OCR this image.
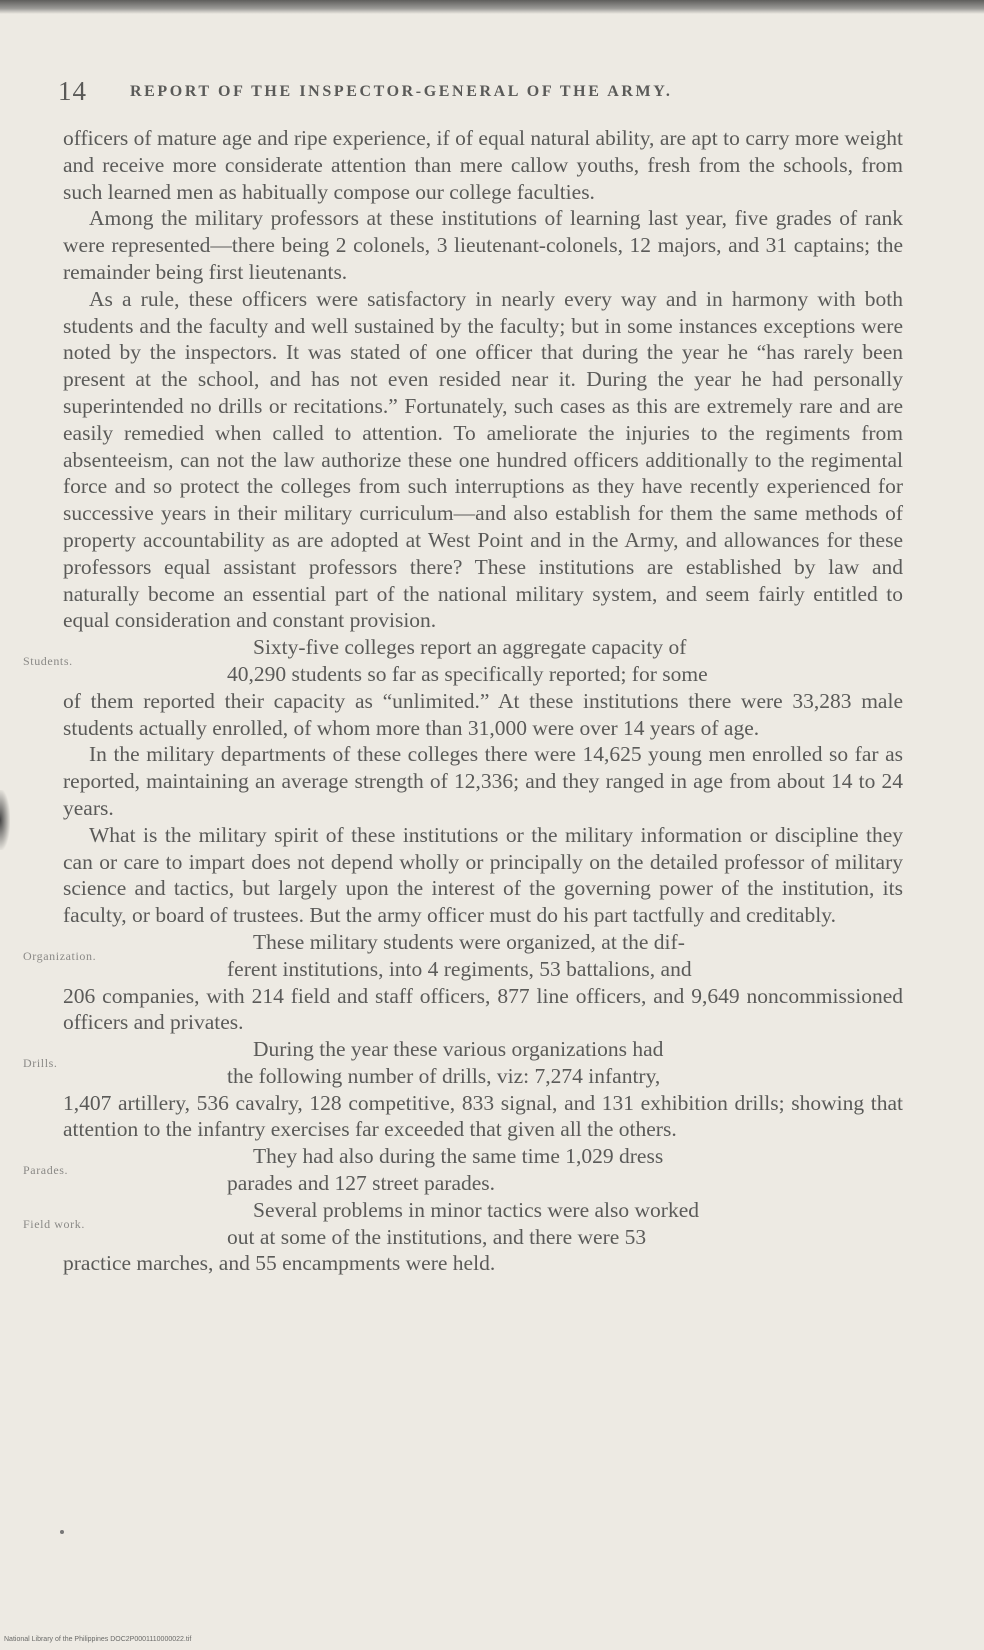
14	REPORT OF THE INSPECTOR-GENERAL OF THE ARMY.

officers of mature age and ripe experience, if of equal natural ability, are apt to carry more weight and receive more considerate attention than mere callow youths, fresh from the schools, from such learned men as habitually compose our college faculties.

Among the military professors at these institutions of learning last year, five grades of rank were represented—there being 2 colonels, 3 lieutenant-colonels, 12 majors, and 31 captains; the remainder being first lieutenants.

As a rule, these officers were satisfactory in nearly every way and in harmony with both students and the faculty and well sustained by the faculty; but in some instances exceptions were noted by the inspectors. It was stated of one officer that during the year he “has rarely been present at the school, and has not even resided near it. During the year he had personally superintended no drills or recitations.” Fortunately, such cases as this are extremely rare and are easily remedied when called to attention. To ameliorate the injuries to the regiments from absenteeism, can not the law authorize these one hundred officers additionally to the regimental force and so protect the colleges from such interruptions as they have recently experienced for successive years in their military curriculum—and also establish for them the same methods of property accountability as are adopted at West Point and in the Army, and allowances for these professors equal assistant professors there? These institutions are established by law and naturally become an essential part of the national military system, and seem fairly entitled to equal consideration and constant provision.

Students.
Sixty-five colleges report an aggregate capacity of
40,290 students so far as specifically reported; for some

of them reported their capacity as “unlimited.” At these institutions there were 33,283 male students actually enrolled, of whom more than 31,000 were over 14 years of age.

In the military departments of these colleges there were 14,625 young men enrolled so far as reported, maintaining an average strength of 12,336; and they ranged in age from about 14 to 24 years.

What is the military spirit of these institutions or the military information or discipline they can or care to impart does not depend wholly or principally on the detailed professor of military science and tactics, but largely upon the interest of the governing power of the institution, its faculty, or board of trustees. But the army officer must do his part tactfully and creditably.

Organization.
These military students were organized, at the dif-
ferent institutions, into 4 regiments, 53 battalions, and

206 companies, with 214 field and staff officers, 877 line officers, and 9,649 noncommissioned officers and privates.

Drills.
During the year these various organizations had
the following number of drills, viz: 7,274 infantry,

1,407 artillery, 536 cavalry, 128 competitive, 833 signal, and 131 exhibition drills; showing that attention to the infantry exercises far exceeded that given all the others.

Parades.
They had also during the same time 1,029 dress
parades and 127 street parades.
Field work.
Several problems in minor tactics were also worked
out at some of the institutions, and there were 53

practice marches, and 55 encampments were held.

National Library of the Philippines DOC2P0001110000022.tif
